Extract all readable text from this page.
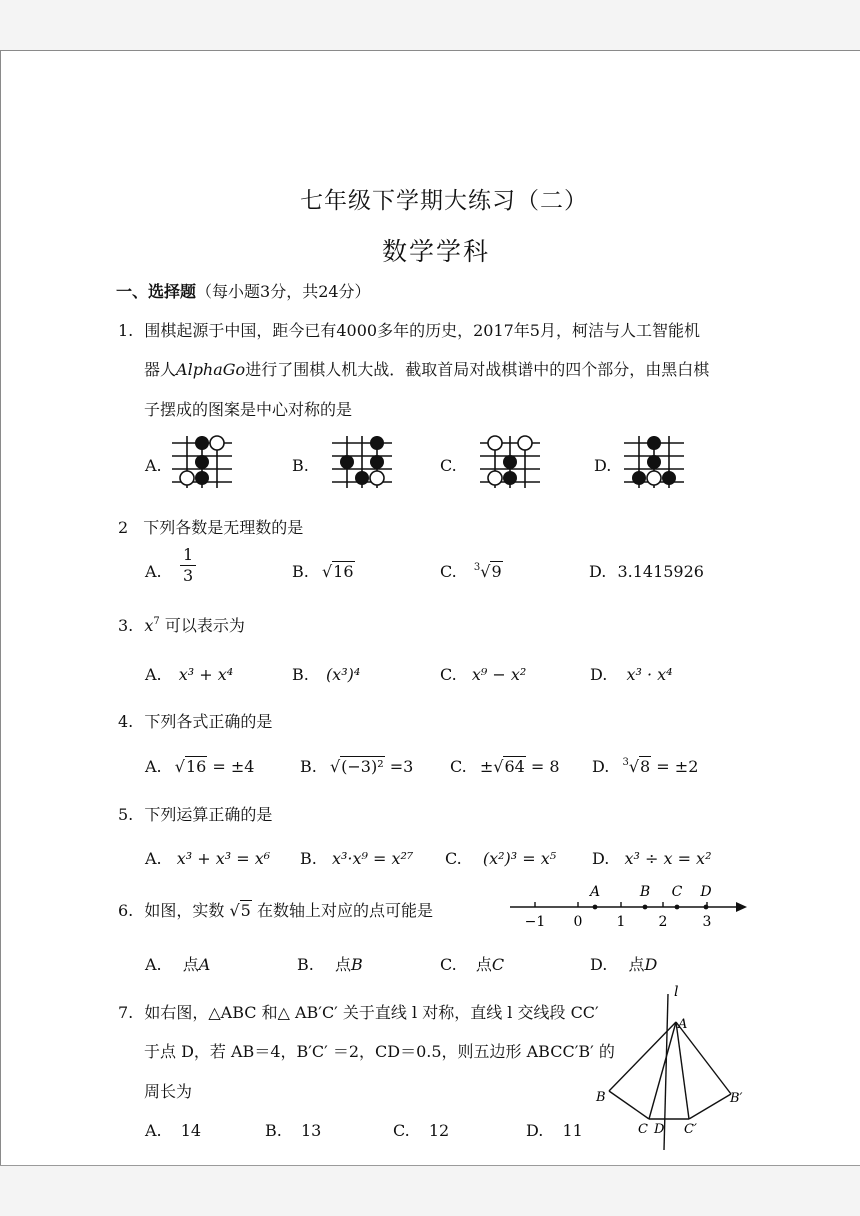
七年级下学期大练习（二）
数学学科
一、选择题（每小题3分，共24分）
1. 围棋起源于中国，距今已有4000多年的历史，2017年5月，柯洁与人工智能机
器人AlphaGo进行了围棋人机大战．截取首局对战棋谱中的四个部分，由黑白棋
子摆成的图案是中心对称的是
A.	B.	C.	D.
2 下列各数是无理数的是
A. $\frac{1}{3}$	B. √16	C. $^3$√9	D. 3.1415926
3. $x^7$ 可以表示为
A. x³ + x⁴	B. (x³)⁴	C. x⁹ − x²	D. x³ · x⁴
4. 下列各式正确的是
A. √16 = ±4	B. √(−3)² =3 C. ±√64 = 8 D. $^3$√8 = ±2
5. 下列运算正确的是
A. x³ + x³ = x⁶ B. x³·x⁹ = x²⁷ C. (x²)³ = x⁵ D. x³ ÷ x = x²
6. 如图，实数 √5 在数轴上对应的点可能是
−1 0 1 2	3
A	B C D
A. 点A	B. 点B	C. 点C	D. 点D
7. 如右图，△ABC 和△ AB′C′ 关于直线 l 对称，直线 l 交线段 CC′
于点 D，若 AB＝4，B′C′ ＝2，CD＝0.5，则五边形 ABCC′B′ 的
周长为
A. 14	B. 13	C. 12	D. 11
l
A
B	B′
C D C′
